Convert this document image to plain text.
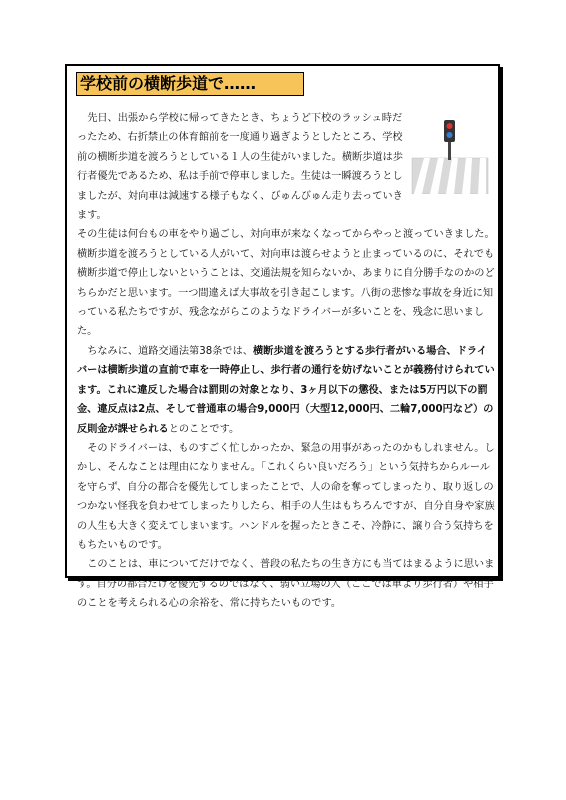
学校前の横断歩道で……

先日、出張から学校に帰ってきたとき、ちょうど下校のラッシュ時だったため、右折禁止の体育館前を一度通り過ぎようとしたところ、学校前の横断歩道を渡ろうとしている１人の生徒がいました。横断歩道は歩行者優先であるため、私は手前で停車しました。生徒は一瞬渡ろうとしましたが、対向車は減速する様子もなく、びゅんびゅん走り去っていきます。

その生徒は何台もの車をやり過ごし、対向車が来なくなってからやっと渡っていきました。横断歩道を渡ろうとしている人がいて、対向車は渡らせようと止まっているのに、それでも横断歩道で停止しないということは、交通法規を知らないか、あまりに自分勝手なのかのどちらかだと思います。一つ間違えば大事故を引き起こします。八街の悲惨な事故を身近に知っている私たちですが、残念ながらこのようなドライバーが多いことを、残念に思いました。

ちなみに、道路交通法第38条では、横断歩道を渡ろうとする歩行者がいる場合、ドライバーは横断歩道の直前で車を一時停止し、歩行者の通行を妨げないことが義務付けられています。これに違反した場合は罰則の対象となり、3ヶ月以下の懲役、または5万円以下の罰金、違反点は2点、そして普通車の場合9,000円（大型12,000円、二輪7,000円など）の反則金が課せられるとのことです。

そのドライバーは、ものすごく忙しかったか、緊急の用事があったのかもしれません。しかし、そんなことは理由になりません。「これくらい良いだろう」という気持ちからルールを守らず、自分の都合を優先してしまったことで、人の命を奪ってしまったり、取り返しのつかない怪我を負わせてしまったりしたら、相手の人生はもちろんですが、自分自身や家族の人生も大きく変えてしまいます。ハンドルを握ったときこそ、冷静に、譲り合う気持ちをもちたいものです。

このことは、車についてだけでなく、普段の私たちの生き方にも当てはまるように思います。自分の都合だけを優先するのではなく、弱い立場の人（ここでは車より歩行者）や相手のことを考えられる心の余裕を、常に持ちたいものです。
